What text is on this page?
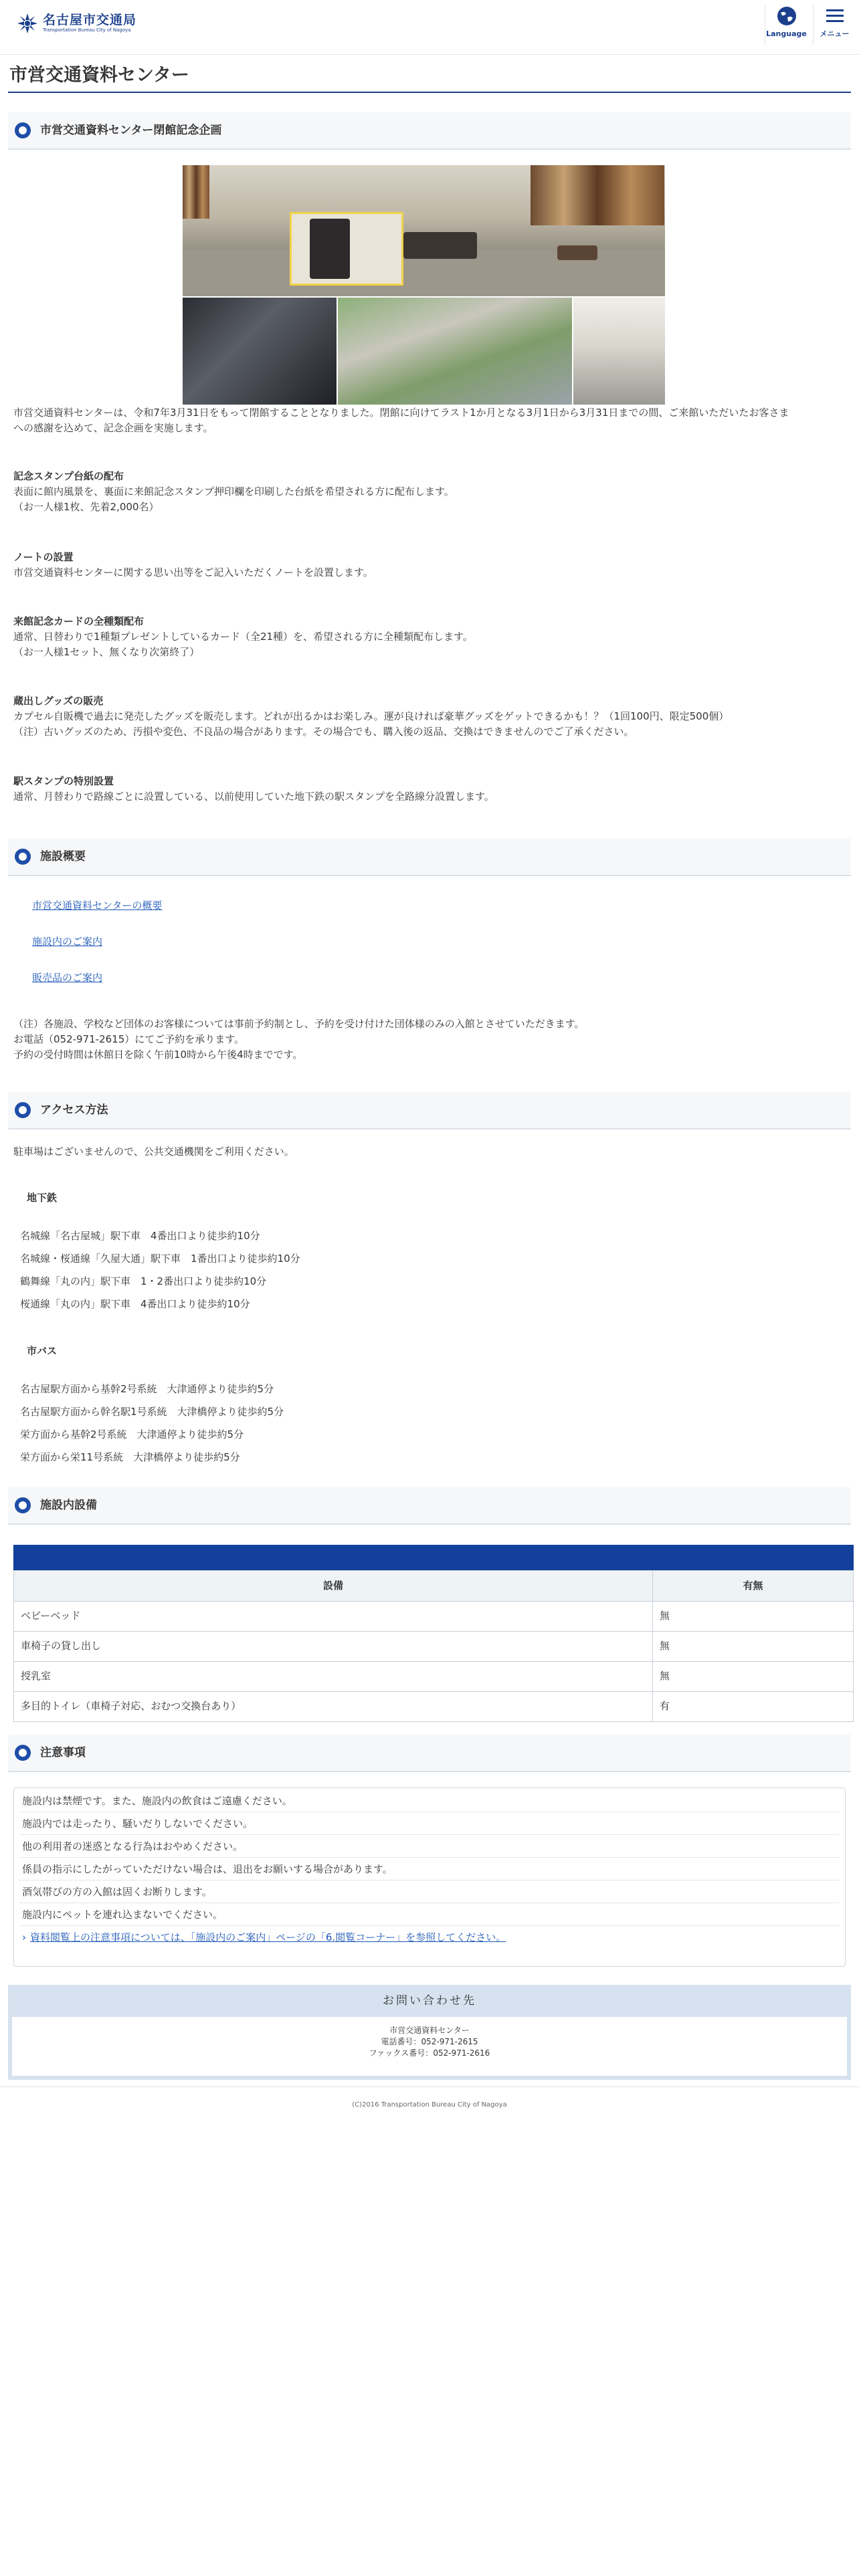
名古屋市交通局
Transportation Bureau City of Nagoya	Language メニュー
市営交通資料センター
市営交通資料センター閉館記念企画

市営交通資料センターは、令和7年3月31日をもって閉館することとなりました。閉館に向けてラスト1か月となる3月1日から3月31日までの間、ご来館いただいたお客さま

への感謝を込めて、記念企画を実施します。

記念スタンプ台紙の配布

表面に館内風景を、裏面に来館記念スタンプ押印欄を印刷した台紙を希望される方に配布します。

（お一人様1枚、先着2,000名）

ノートの設置

市営交通資料センターに関する思い出等をご記入いただくノートを設置します。

来館記念カードの全種類配布

通常、日替わりで1種類プレゼントしているカード（全21種）を、希望される方に全種類配布します。

（お一人様1セット、無くなり次第終了）

蔵出しグッズの販売

カプセル自販機で過去に発売したグッズを販売します。どれが出るかはお楽しみ。運が良ければ豪華グッズをゲットできるかも！？（1回100円、限定500個）

（注）古いグッズのため、汚損や変色、不良品の場合があります。その場合でも、購入後の返品、交換はできませんのでご了承ください。

駅スタンプの特別設置

通常、月替わりで路線ごとに設置している、以前使用していた地下鉄の駅スタンプを全路線分設置します。

施設概要
市営交通資料センターの概要
施設内のご案内
販売品のご案内

（注）各施設、学校など団体のお客様については事前予約制とし、予約を受け付けた団体様のみの入館とさせていただきます。

お電話（052-971-2615）にてご予約を承ります。

予約の受付時間は休館日を除く午前10時から午後4時までです。

アクセス方法

駐車場はございませんので、公共交通機関をご利用ください。

地下鉄

名城線「名古屋城」駅下車　4番出口より徒歩約10分

名城線・桜通線「久屋大通」駅下車　1番出口より徒歩約10分

鶴舞線「丸の内」駅下車　1・2番出口より徒歩約10分

桜通線「丸の内」駅下車　4番出口より徒歩約10分

市バス

名古屋駅方面から基幹2号系統　大津通停より徒歩約5分

名古屋駅方面から幹名駅1号系統　大津橋停より徒歩約5分

栄方面から基幹2号系統　大津通停より徒歩約5分

栄方面から栄11号系統　大津橋停より徒歩約5分

施設内設備
設備	有無
ベビーベッド	無
車椅子の貸し出し	無
授乳室	無
多目的トイレ（車椅子対応、おむつ交換台あり）	有
注意事項
施設内は禁煙です。また、施設内の飲食はご遠慮ください。
施設内では走ったり、騒いだりしないでください。
他の利用者の迷惑となる行為はおやめください。
係員の指示にしたがっていただけない場合は、退出をお願いする場合があります。
酒気帯びの方の入館は固くお断りします。
施設内にペットを連れ込まないでください。
› 資料閲覧上の注意事項については、「施設内のご案内」ページの「6.閲覧コーナー」を参照してください。
お問い合わせ先
市営交通資料センター
電話番号：052-971-2615
ファックス番号：052-971-2616
(C)2016 Transportation Bureau City of Nagoya
